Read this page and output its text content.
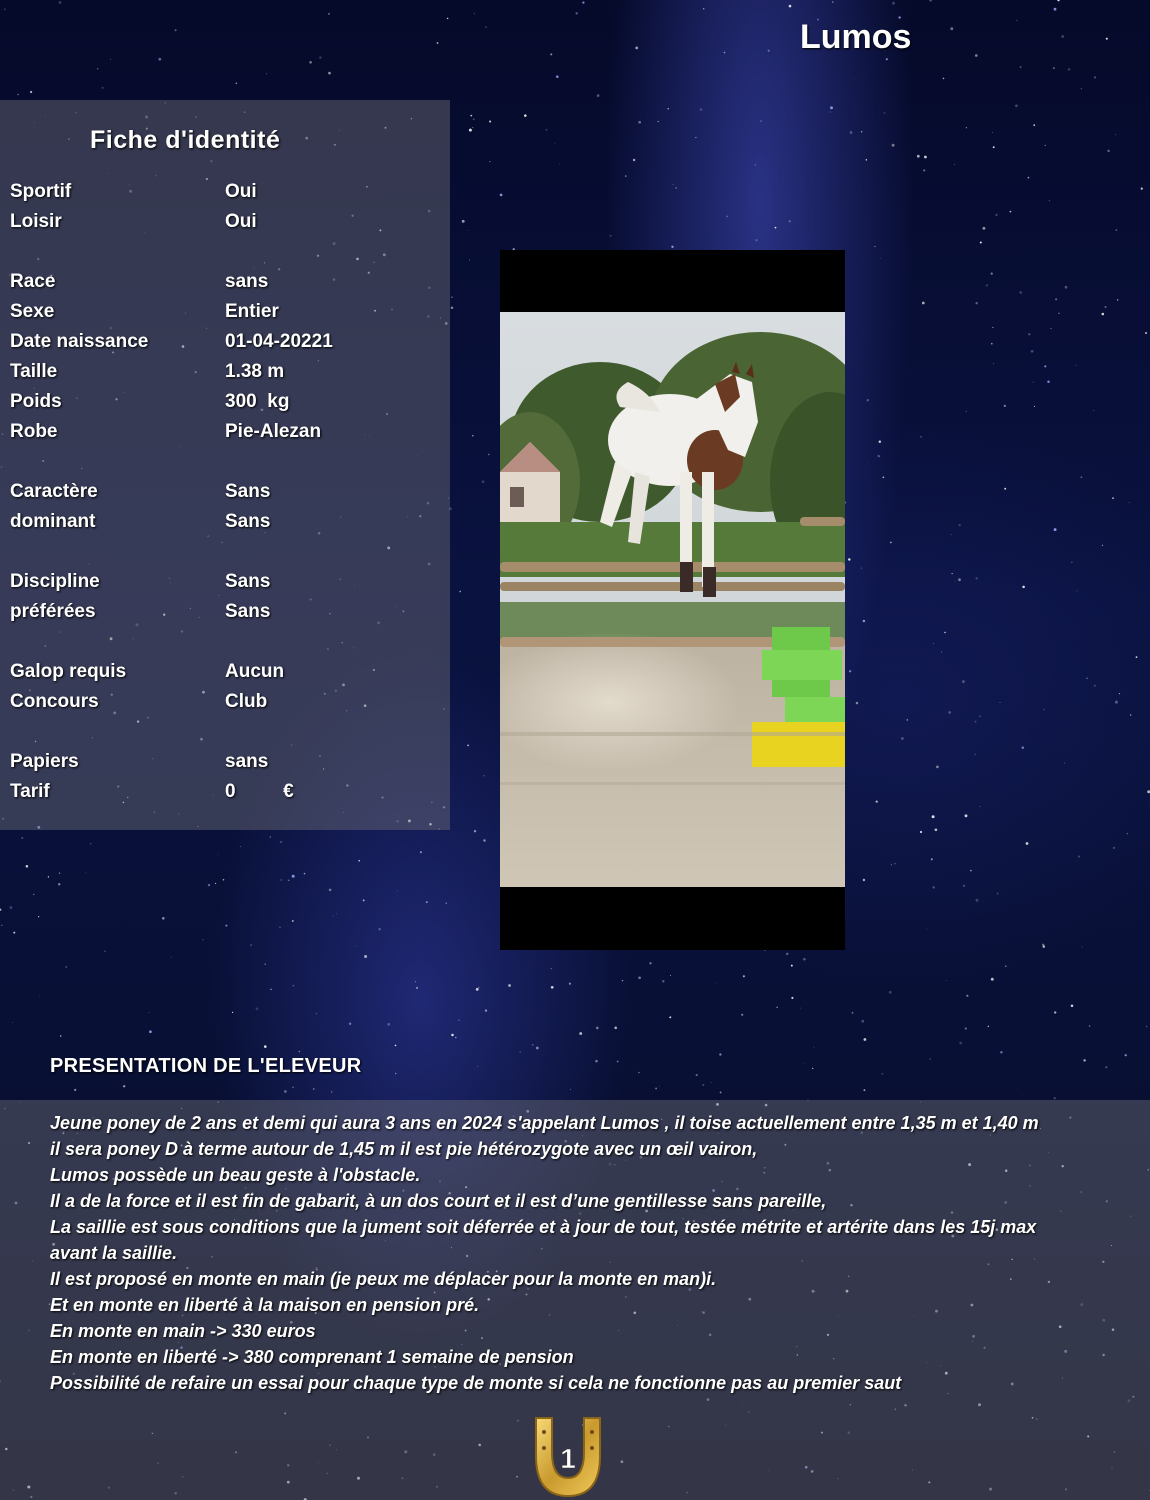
Lumos
Fiche d'identité
Sportif	Oui
Loisir	Oui
Race	sans
Sexe	Entier
Date naissance	01-04-20221
Taille	1.38 m
Poids	300  kg
Robe	Pie-Alezan
Caractère	Sans
dominant	Sans
Discipline	Sans
préférées	Sans
Galop requis	Aucun
Concours	Club
Papiers	sans
Tarif	0         €
PRESENTATION DE L'ELEVEUR
Jeune poney de 2 ans et demi qui aura 3 ans en 2024 s'appelant Lumos , il toise actuellement entre 1,35 m et 1,40 m
il sera poney D à terme autour de 1,45 m il est pie hétérozygote avec un œil vairon,
Lumos possède un beau geste à l'obstacle.
Il a de la force et il est fin de gabarit, à un dos court et il est d’une gentillesse sans pareille,
La saillie est sous conditions que la jument soit déferrée et à jour de tout, testée métrite et artérite dans les 15j max
avant la saillie.
Il est proposé en monte en main (je peux me déplacer pour la monte en man)i.
Et en monte en liberté à la maison en pension pré.
En monte en main -> 330 euros
En monte en liberté -> 380 comprenant 1 semaine de pension
Possibilité de refaire un essai pour chaque type de monte si cela ne fonctionne pas au premier saut
1
